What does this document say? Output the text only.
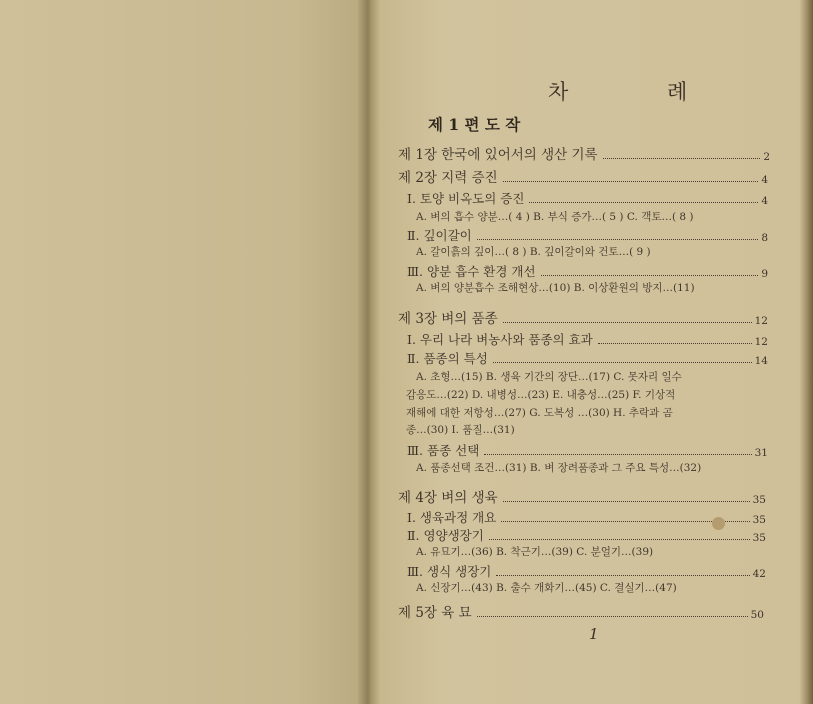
차 례
제 1 편 도 작
제 1장 한국에 있어서의 생산 기록	2
제 2장 지력 증진	4
Ⅰ. 토양 비옥도의 증진	4
A. 벼의 흡수 양분…( 4 ) B. 부식 증가…( 5 ) C. 객토…( 8 )
Ⅱ. 깊이갈이	8
A. 갈이흙의 깊이…( 8 ) B. 깊이갈이와 건토…( 9 )
Ⅲ. 양분 흡수 환경 개선	9
A. 벼의 양분흡수 조해현상…(10) B. 이상환원의 방지…(11)
제 3장 벼의 품종	12
Ⅰ. 우리 나라 벼농사와 품종의 효과	12
Ⅱ. 품종의 특성	14
A. 초형…(15) B. 생육 기간의 장단…(17) C. 못자리 일수
감응도…(22) D. 내병성…(23) E. 내충성…(25) F. 기상적
재해에 대한 저항성…(27) G. 도복성 …(30) H. 추락과 곰
종…(30) I. 품질…(31)
Ⅲ. 품종 선택	31
A. 품종선택 조건…(31) B. 벼 장려품종과 그 주요 특성…(32)
제 4장 벼의 생육	35
Ⅰ. 생육과정 개요	35
Ⅱ. 영양생장기	35
A. 유묘기…(36) B. 착근기…(39) C. 분얼기…(39)
Ⅲ. 생식 생장기	42
A. 신장기…(43) B. 출수 개화기…(45) C. 결실기…(47)
제 5장 육 묘	50
1
